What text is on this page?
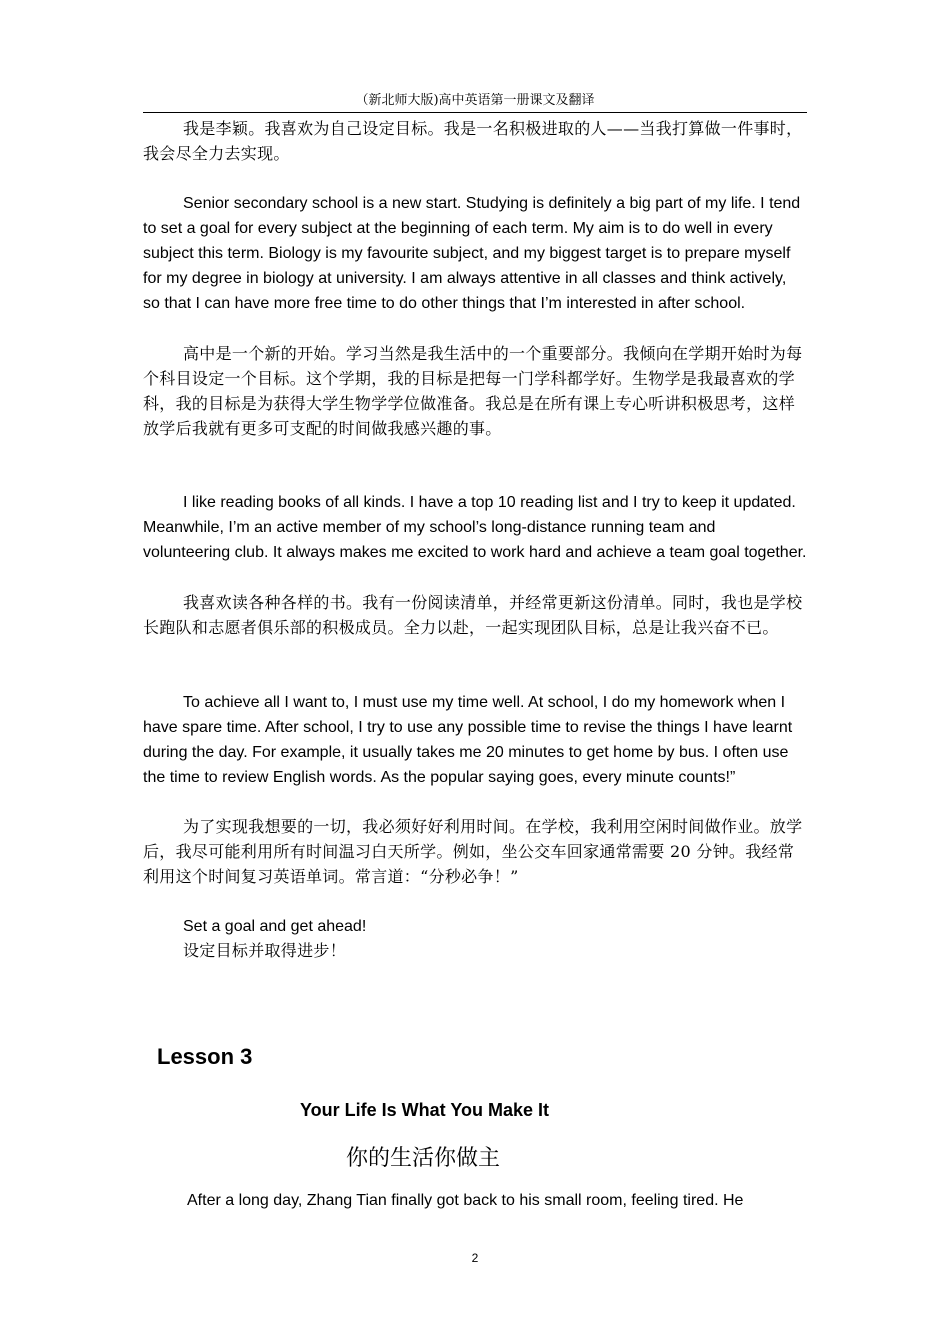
（新北师大版)高中英语第一册课文及翻译
我是李颖。我喜欢为自己设定目标。我是一名积极进取的人——当我打算做一件事时，我会尽全力去实现。
Senior secondary school is a new start. Studying is definitely a big part of my life. I tend to set a goal for every subject at the beginning of each term. My aim is to do well in every subject this term. Biology is my favourite subject, and my biggest target is to prepare myself for my degree in biology at university. I am always attentive in all classes and think actively, so that I can have more free time to do other things that I’m interested in after school.
高中是一个新的开始。学习当然是我生活中的一个重要部分。我倾向在学期开始时为每个科目设定一个目标。这个学期，我的目标是把每一门学科都学好。生物学是我最喜欢的学科，我的目标是为获得大学生物学学位做准备。我总是在所有课上专心听讲积极思考，这样放学后我就有更多可支配的时间做我感兴趣的事。
I like reading books of all kinds. I have a top 10 reading list and I try to keep it updated. Meanwhile, I’m an active member of my school’s long-distance running team and volunteering club. It always makes me excited to work hard and achieve a team goal together.
我喜欢读各种各样的书。我有一份阅读清单，并经常更新这份清单。同时，我也是学校长跑队和志愿者俱乐部的积极成员。全力以赴，一起实现团队目标，总是让我兴奋不已。
To achieve all I want to, I must use my time well. At school, I do my homework when I have spare time. After school, I try to use any possible time to revise the things I have learnt during the day. For example, it usually takes me 20 minutes to get home by bus. I often use the time to review English words. As the popular saying goes, every minute counts!”
为了实现我想要的一切，我必须好好利用时间。在学校，我利用空闲时间做作业。放学后，我尽可能利用所有时间温习白天所学。例如，坐公交车回家通常需要 20 分钟。我经常利用这个时间复习英语单词。常言道：“分秒必争！”
Set a goal and get ahead!
设定目标并取得进步！
Lesson 3
Your Life Is What You Make It
你的生活你做主
After a long day, Zhang Tian finally got back to his small room, feeling tired. He
2
